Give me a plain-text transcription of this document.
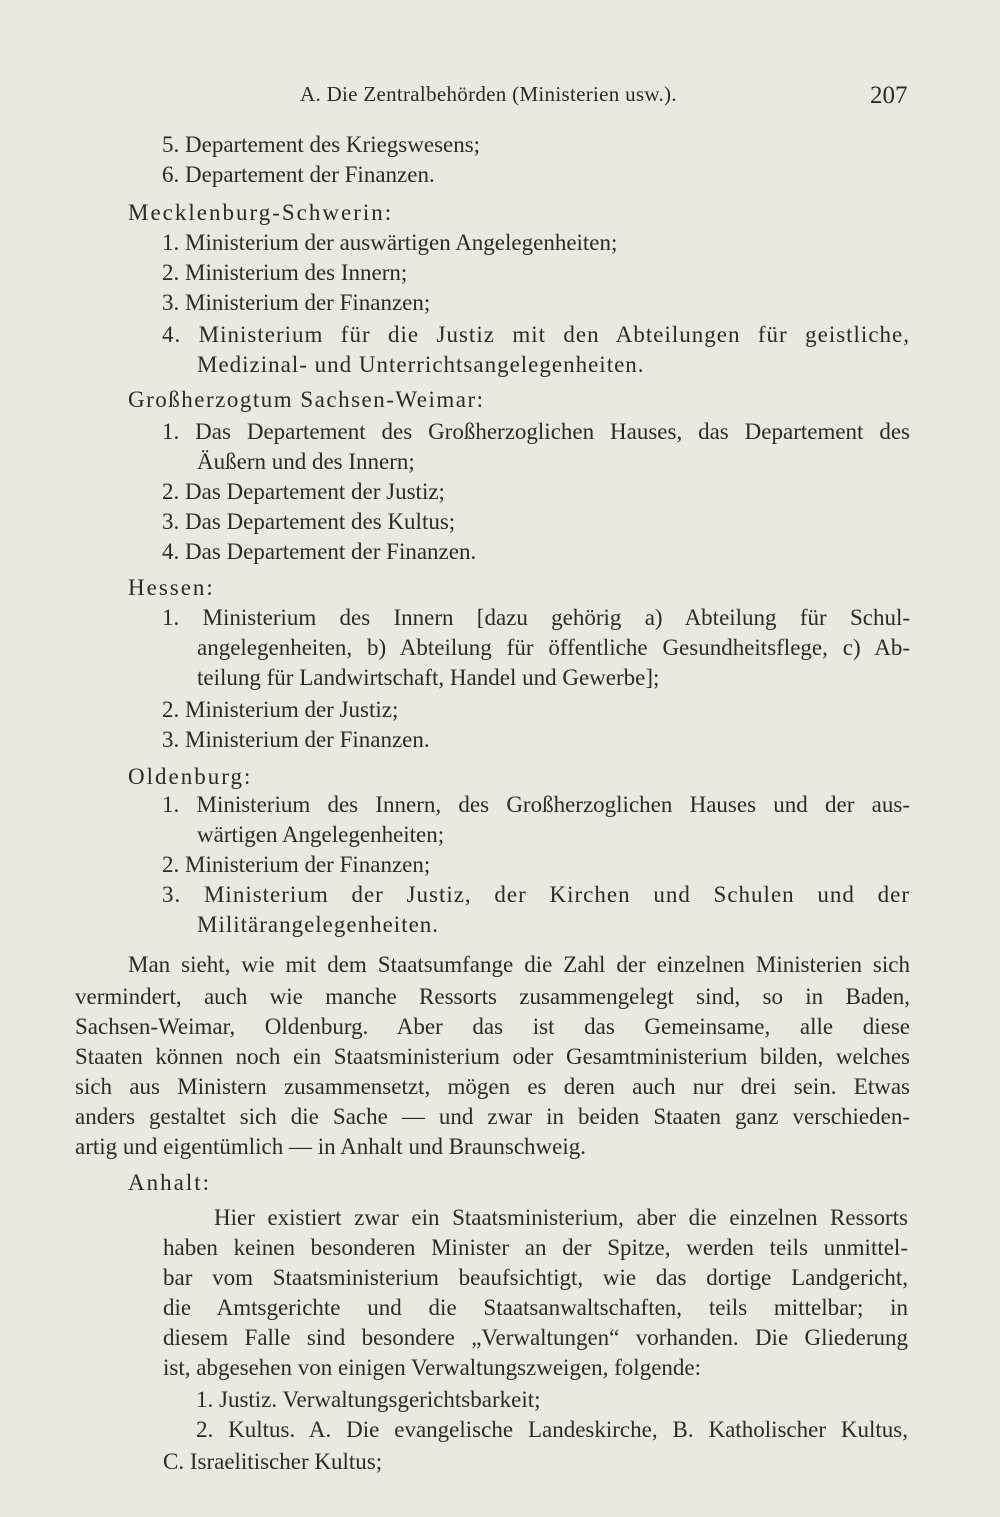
A. Die Zentralbehörden (Ministerien usw.).	207
5. Departement des Kriegswesens;
6. Departement der Finanzen.
Mecklenburg-Schwerin:
1. Ministerium der auswärtigen Angelegenheiten;
2. Ministerium des Innern;
3. Ministerium der Finanzen;
4. Ministerium für die Justiz mit den Abteilungen für geistliche,
Medizinal- und Unterrichtsangelegenheiten.
Großherzogtum Sachsen-Weimar:
1. Das Departement des Großherzoglichen Hauses, das Departement des
Äußern und des Innern;
2. Das Departement der Justiz;
3. Das Departement des Kultus;
4. Das Departement der Finanzen.
Hessen:
1. Ministerium des Innern [dazu gehörig a) Abteilung für Schul-
angelegenheiten, b) Abteilung für öffentliche Gesundheitsflege, c) Ab-
teilung für Landwirtschaft, Handel und Gewerbe];
2. Ministerium der Justiz;
3. Ministerium der Finanzen.
Oldenburg:
1. Ministerium des Innern, des Großherzoglichen Hauses und der aus-
wärtigen Angelegenheiten;
2. Ministerium der Finanzen;
3. Ministerium der Justiz, der Kirchen und Schulen und der
Militärangelegenheiten.
Man sieht, wie mit dem Staatsumfange die Zahl der einzelnen Ministerien sich
vermindert, auch wie manche Ressorts zusammengelegt sind, so in Baden,
Sachsen-Weimar, Oldenburg. Aber das ist das Gemeinsame, alle diese
Staaten können noch ein Staatsministerium oder Gesamtministerium bilden, welches
sich aus Ministern zusammensetzt, mögen es deren auch nur drei sein. Etwas
anders gestaltet sich die Sache — und zwar in beiden Staaten ganz verschieden-
artig und eigentümlich — in Anhalt und Braunschweig.
Anhalt:
Hier existiert zwar ein Staatsministerium, aber die einzelnen Ressorts
haben keinen besonderen Minister an der Spitze, werden teils unmittel-
bar vom Staatsministerium beaufsichtigt, wie das dortige Landgericht,
die Amtsgerichte und die Staatsanwaltschaften, teils mittelbar; in
diesem Falle sind besondere „Verwaltungen“ vorhanden. Die Gliederung
ist, abgesehen von einigen Verwaltungszweigen, folgende:
1. Justiz. Verwaltungsgerichtsbarkeit;
2. Kultus. A. Die evangelische Landeskirche, B. Katholischer Kultus,
C. Israelitischer Kultus;
